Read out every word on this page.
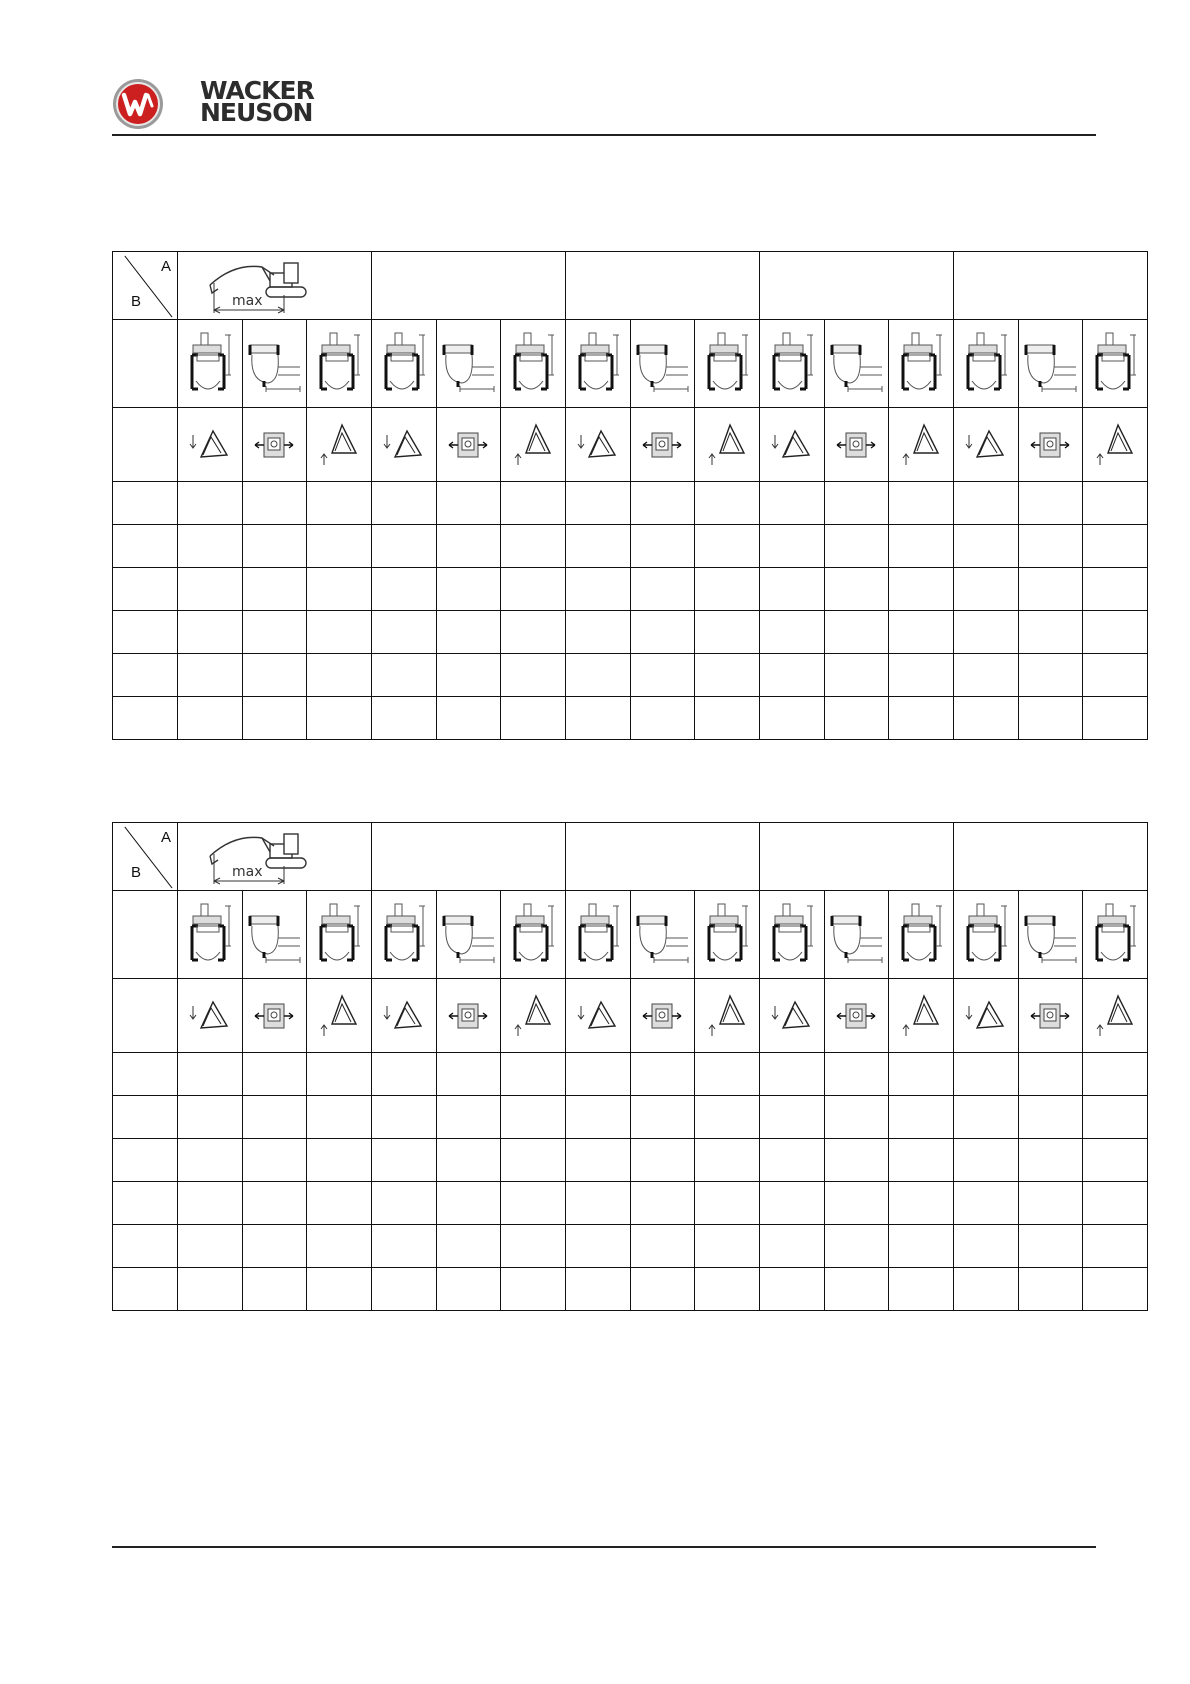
WACKER
NEUSON
A
B	max														

A
B	max														
